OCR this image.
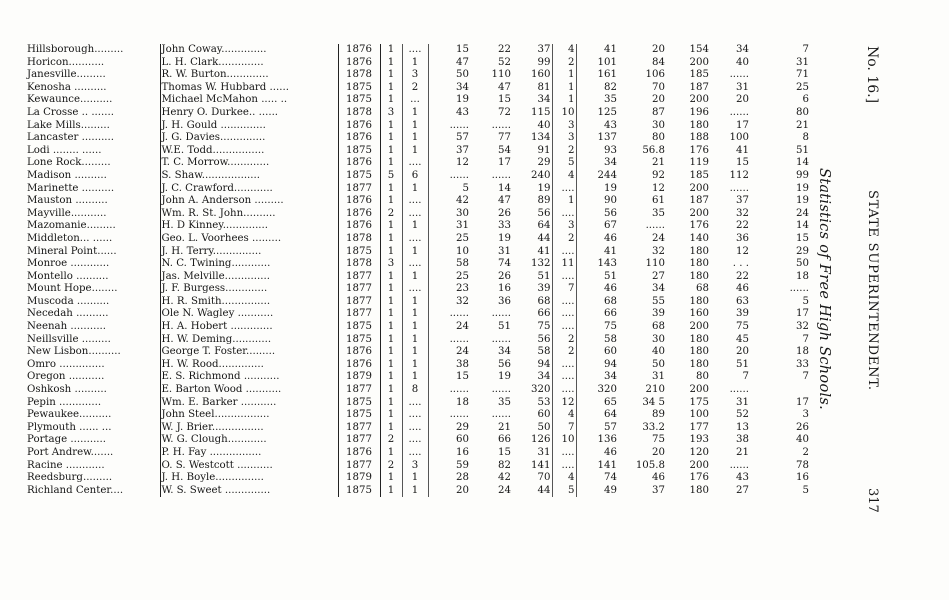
Hillsborough.........	John Coway..............	1876	1	....	15	22	37	4	41	20	154	34	7
Horicon...........	L. H. Clark..............	1876	1	1	47	52	99	2	101	84	200	40	31
Janesville.........	R. W. Burton.............	1878	1	3	50	110	160	1	161	106	185	......	71
Kenosha ..........	Thomas W. Hubbard ......	1875	1	2	34	47	81	1	82	70	187	31	25
Kewaunce..........	Michael McMahon ..... ..	1875	1	...	19	15	34	1	35	20	200	20	6
La Crosse .. .......	Henry O. Durkee.. ......	1878	3	1	43	72	115	10	125	87	196	......	80
Lake Mills.........	J. H. Gould ..............	1876	1	1	......	......	40	3	43	30	180	17	21
Lancaster ..........	J. G. Davies..............	1876	1	1	57	77	134	3	137	80	188	100	8
Lodi ........ ......	W.E. Todd................	1875	1	1	37	54	91	2	93	56.8	176	41	51
Lone Rock.........	T. C. Morrow.............	1876	1	....	12	17	29	5	34	21	119	15	14
Madison ..........	S. Shaw..................	1875	5	6	......	......	240	4	244	92	185	112	99
Marinette ..........	J. C. Crawford............	1877	1	1	5	14	19	....	19	12	200	......	19
Mauston ..........	John A. Anderson .........	1876	1	....	42	47	89	1	90	61	187	37	19
Mayville...........	Wm. R. St. John..........	1876	2	....	30	26	56	....	56	35	200	32	24
Mazomanie.........	H. D Kinney..............	1876	1	1	31	33	64	3	67	......	176	22	14
Middleton... ......	Geo. L. Voorhees .........	1878	1	....	25	19	44	2	46	24	140	36	15
Mineral Point......	J. H. Terry...............	1875	1	1	10	31	41	....	41	32	180	12	29
Monroe ............	N. C. Twining............	1878	3	....	58	74	132	11	143	110	180	. . .	50
Montello ..........	Jas. Melville..............	1877	1	1	25	26	51	....	51	27	180	22	18
Mount Hope........	J. F. Burgess.............	1877	1	....	23	16	39	7	46	34	68	46	......
Muscoda ..........	H. R. Smith...............	1877	1	1	32	36	68	....	68	55	180	63	5
Necedah ..........	Ole N. Wagley ...........	1877	1	1	......	......	66	....	66	39	160	39	17
Neenah ...........	H. A. Hobert .............	1875	1	1	24	51	75	....	75	68	200	75	32
Neillsville .........	H. W. Deming............	1875	1	1	......	......	56	2	58	30	180	45	7
New Lisbon..........	George T. Foster.........	1876	1	1	24	34	58	2	60	40	180	20	18
Omro ..............	H. W. Rood..............	1876	1	1	38	56	94	....	94	50	180	51	33
Oregon ...........	E. S. Richmond ...........	1879	1	1	15	19	34	....	34	31	80	7	7
Oshkosh ..........	E. Barton Wood ...........	1877	1	8	......	......	320	....	320	210	200	......	
Pepin .............	Wm. E. Barker ...........	1875	1	....	18	35	53	12	65	34 5	175	31	17
Pewaukee..........	John Steel.................	1875	1	....	......	......	60	4	64	89	100	52	3
Plymouth ...... ...	W. J. Brier................	1877	1	....	29	21	50	7	57	33.2	177	13	26
Portage ...........	W. G. Clough............	1877	2	....	60	66	126	10	136	75	193	38	40
Port Andrew.......	P. H. Fay ................	1876	1	....	16	15	31	....	46	20	120	21	2
Racine ............	O. S. Westcott ...........	1877	2	3	59	82	141	....	141	105.8	200	......	78
Reedsburg.........	J. H. Boyle...............	1879	1	1	28	42	70	4	74	46	176	43	16
Richland Center....	W. S. Sweet ..............	1875	1	1	20	24	44	5	49	37	180	27	5
No. 16.]
STATE SUPERINTENDENT.
317
Statistics of Free High Schools.
